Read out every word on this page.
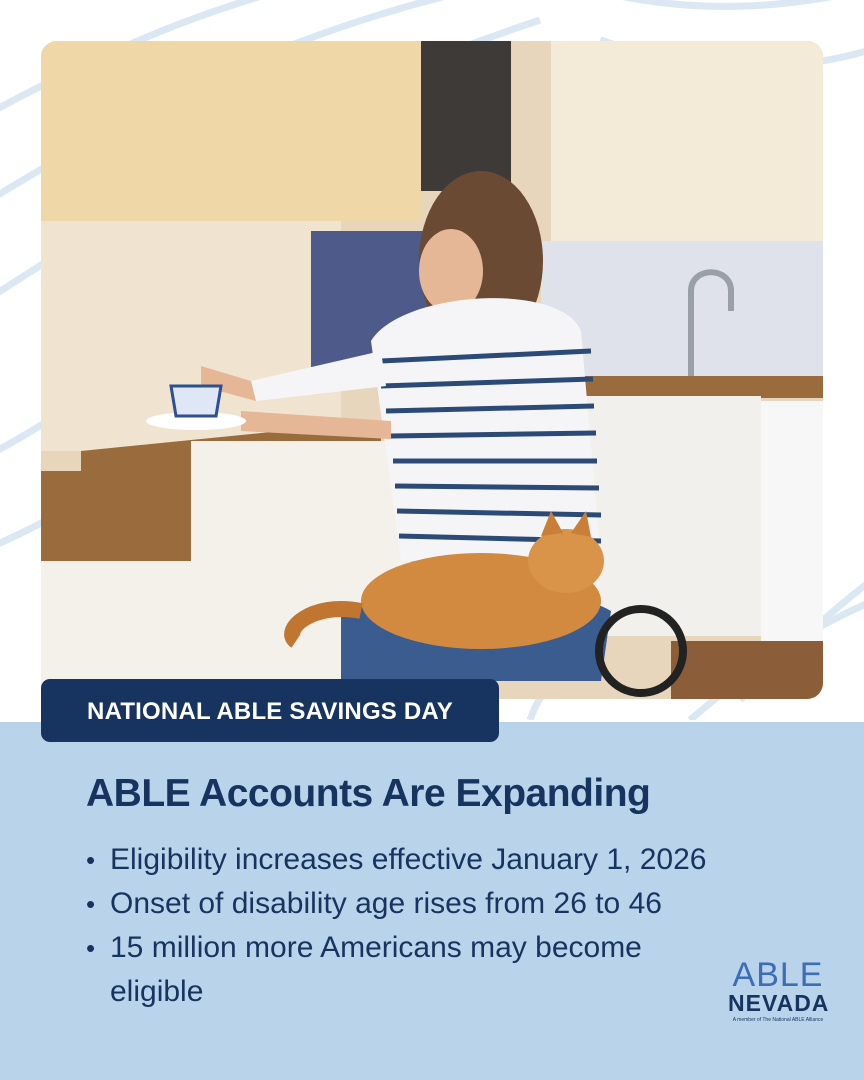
NATIONAL ABLE SAVINGS DAY
ABLE Accounts Are Expanding
• Eligibility increases effective January 1, 2026
• Onset of disability age rises from 26 to 46
• 15 million more Americans may become eligible	ABLE
NEVADA
A member of The National ABLE Alliance
